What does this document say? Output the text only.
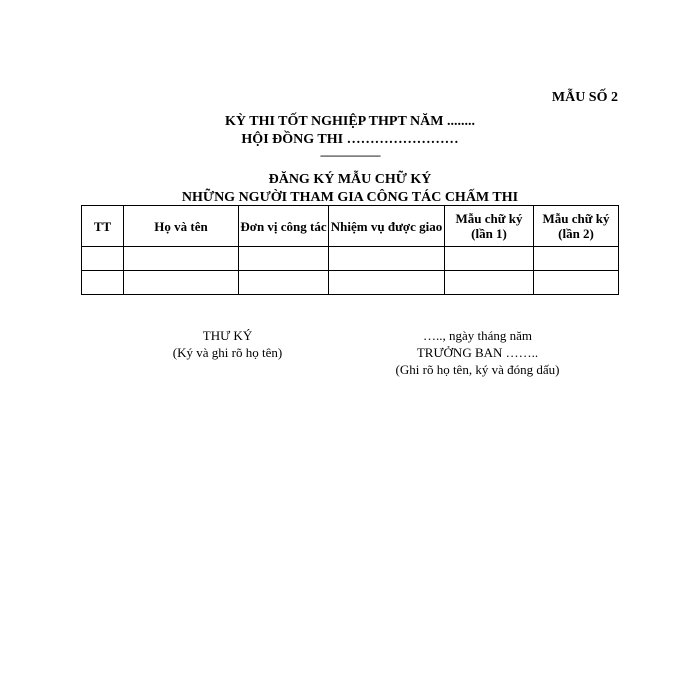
MẪU SỐ 2
KỲ THI TỐT NGHIỆP THPT NĂM ........
HỘI ĐỒNG THI ……………………
--------------------
ĐĂNG KÝ MẪU CHỮ KÝ
NHỮNG NGƯỜI THAM GIA CÔNG TÁC CHẤM THI
TT	Họ và tên	Đơn vị công tác	Nhiệm vụ được giao	Mẫu chữ ký (lần 1)	Mẫu chữ ký (lần 2)

THƯ KÝ
(Ký và ghi rõ họ tên)
….., ngày tháng năm
TRƯỞNG BAN ……..
(Ghi rõ họ tên, ký và đóng dấu)
